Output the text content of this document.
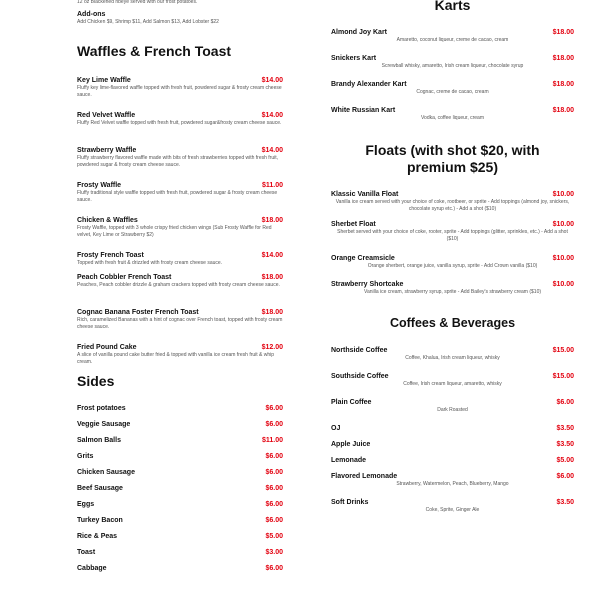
12 oz Blackened ribeye served with our frost potatoes.
Add-ons
Add Chicken $9, Shrimp $11, Add Salmon $13, Add Lobster $22
Waffles & French Toast
Key Lime Waffle	$14.00
Fluffy key lime-flavored waffle topped with fresh fruit, powdered sugar & frosty cream cheese sauce.
Red Velvet Waffle	$14.00
Fluffy Red Velvet waffle topped with fresh fruit, powdered sugar&frosty cream cheese sauce.
Strawberry Waffle	$14.00
Fluffy strawberry flavored waffle made with bits of fresh strawberries topped with fresh fruit, powdered sugar & frosty cream cheese sauce.
Frosty Waffle	$11.00
Fluffy traditional style waffle topped with fresh fruit, powdered sugar & frosty cream cheese sauce.
Chicken & Waffles	$18.00
Frosty Waffle, topped with 3 whole crispy fried chicken wings (Sub Frosty Waffle for Red velvet, Key Lime or Strawberry $2)
Frosty French Toast	$14.00
Topped with fresh fruit & drizzled with frosty cream cheese sauce.
Peach Cobbler French Toast	$18.00
Peaches, Peach cobbler drizzle & graham crackers topped with frosty cream cheese sauce.
Cognac Banana Foster French Toast	$18.00
Rich, caramelized Bananas with a hint of cognac over French toast, topped with frosty cream cheese sauce.
Fried Pound Cake	$12.00
A slice of vanilla pound cake butter fried & topped with vanilla ice cream fresh fruit & whip cream.
Sides
Frost potatoes	$6.00
Veggie Sausage	$6.00
Salmon Balls	$11.00
Grits	$6.00
Chicken Sausage	$6.00
Beef Sausage	$6.00
Eggs	$6.00
Turkey Bacon	$6.00
Rice & Peas	$5.00
Toast	$3.00
Cabbage	$6.00
Karts
Almond Joy Kart	$18.00
Amaretto, coconut liqueur, creme de cacao, cream
Snickers Kart	$18.00
Screwball whisky, amaretto, Irish cream liqueur, chocolate syrup
Brandy Alexander Kart	$18.00
Cognac, creme de cacao, cream
White Russian Kart	$18.00
Vodka, coffee liqueur, cream
Floats (with shot $20, with
premium $25)
Klassic Vanilla Float	$10.00
Vanilla ice cream served with your choice of coke, rootbeer, or sprite - Add toppings (almond joy, snickers, chocolate syrup etc.) - Add a shot ($10)
Sherbet Float	$10.00
Sherbet served with your choice of coke, rooter, sprite - Add toppings (glitter, sprinkles, etc.) - Add a shot ($10)
Orange Creamsicle	$10.00
Orange sherbert, orange juice, vanilla syrup, sprite - Add Crown vanilla ($10)
Strawberry Shortcake	$10.00
Vanilla ice cream, strawberry syrup, sprite - Add Bailey's strawberry cream ($10)
Coffees & Beverages
Northside Coffee	$15.00
Coffee, Khalua, Irish cream liqueur, whisky
Southside Coffee	$15.00
Coffee, Irish cream liqueur, amaretto, whisky
Plain Coffee	$6.00
Dark Roasted
OJ	$3.50
Apple Juice	$3.50
Lemonade	$5.00
Flavored Lemonade	$6.00
Strawberry, Watermelon, Peach, Blueberry, Mango
Soft Drinks	$3.50
Coke, Sprite, Ginger Ale
